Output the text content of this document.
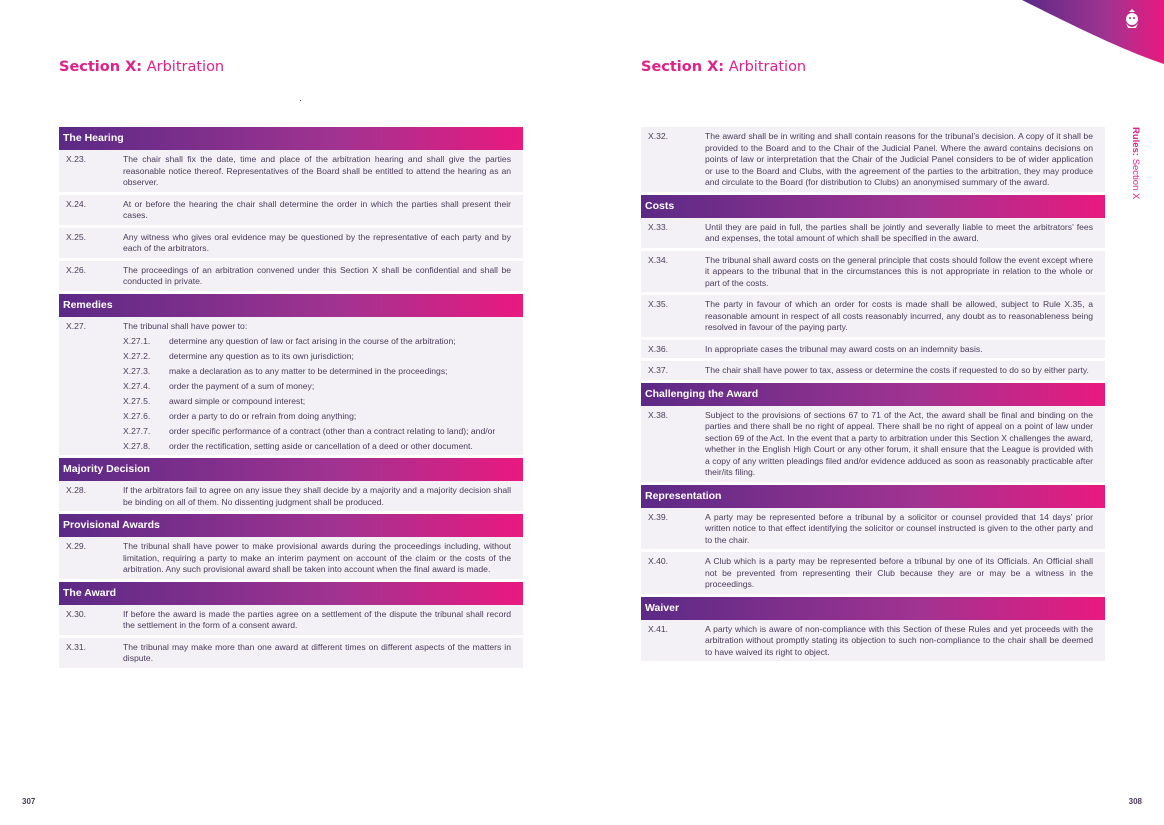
Section X: Arbitration
The Hearing
X.23.	The chair shall fix the date, time and place of the arbitration hearing and shall give the parties reasonable notice thereof. Representatives of the Board shall be entitled to attend the hearing as an observer.
X.24.	At or before the hearing the chair shall determine the order in which the parties shall present their cases.
X.25.	Any witness who gives oral evidence may be questioned by the representative of each party and by each of the arbitrators.
X.26.	The proceedings of an arbitration convened under this Section X shall be confidential and shall be conducted in private.
Remedies
X.27.	The tribunal shall have power to:
X.27.1.	determine any question of law or fact arising in the course of the arbitration;
X.27.2.	determine any question as to its own jurisdiction;
X.27.3.	make a declaration as to any matter to be determined in the proceedings;
X.27.4.	order the payment of a sum of money;
X.27.5.	award simple or compound interest;
X.27.6.	order a party to do or refrain from doing anything;
X.27.7.	order specific performance of a contract (other than a contract relating to land); and/or
X.27.8.	order the rectification, setting aside or cancellation of a deed or other document.
Majority Decision
X.28.	If the arbitrators fail to agree on any issue they shall decide by a majority and a majority decision shall be binding on all of them. No dissenting judgment shall be produced.
Provisional Awards
X.29.	The tribunal shall have power to make provisional awards during the proceedings including, without limitation, requiring a party to make an interim payment on account of the claim or the costs of the arbitration. Any such provisional award shall be taken into account when the final award is made.
The Award
X.30.	If before the award is made the parties agree on a settlement of the dispute the tribunal shall record the settlement in the form of a consent award.
X.31.	The tribunal may make more than one award at different times on different aspects of the matters in dispute.
307
Section X: Arbitration
X.32.	The award shall be in writing and shall contain reasons for the tribunal’s decision. A copy of it shall be provided to the Board and to the Chair of the Judicial Panel. Where the award contains decisions on points of law or interpretation that the Chair of the Judicial Panel considers to be of wider application or use to the Board and Clubs, with the agreement of the parties to the arbitration, they may produce and circulate to the Board (for distribution to Clubs) an anonymised summary of the award.
Costs
X.33.	Until they are paid in full, the parties shall be jointly and severally liable to meet the arbitrators’ fees and expenses, the total amount of which shall be specified in the award.
X.34.	The tribunal shall award costs on the general principle that costs should follow the event except where it appears to the tribunal that in the circumstances this is not appropriate in relation to the whole or part of the costs.
X.35.	The party in favour of which an order for costs is made shall be allowed, subject to Rule X.35, a reasonable amount in respect of all costs reasonably incurred, any doubt as to reasonableness being resolved in favour of the paying party.
X.36.	In appropriate cases the tribunal may award costs on an indemnity basis.
X.37.	The chair shall have power to tax, assess or determine the costs if requested to do so by either party.
Challenging the Award
X.38.	Subject to the provisions of sections 67 to 71 of the Act, the award shall be final and binding on the parties and there shall be no right of appeal. There shall be no right of appeal on a point of law under section 69 of the Act. In the event that a party to arbitration under this Section X challenges the award, whether in the English High Court or any other forum, it shall ensure that the League is provided with a copy of any written pleadings filed and/or evidence adduced as soon as reasonably practicable after their/its filing.
Representation
X.39.	A party may be represented before a tribunal by a solicitor or counsel provided that 14 days’ prior written notice to that effect identifying the solicitor or counsel instructed is given to the other party and to the chair.
X.40.	A Club which is a party may be represented before a tribunal by one of its Officials. An Official shall not be prevented from representing their Club because they are or may be a witness in the proceedings.
Waiver
X.41.	A party which is aware of non-compliance with this Section of these Rules and yet proceeds with the arbitration without promptly stating its objection to such non-compliance to the chair shall be deemed to have waived its right to object.
Rules: Section X
308
